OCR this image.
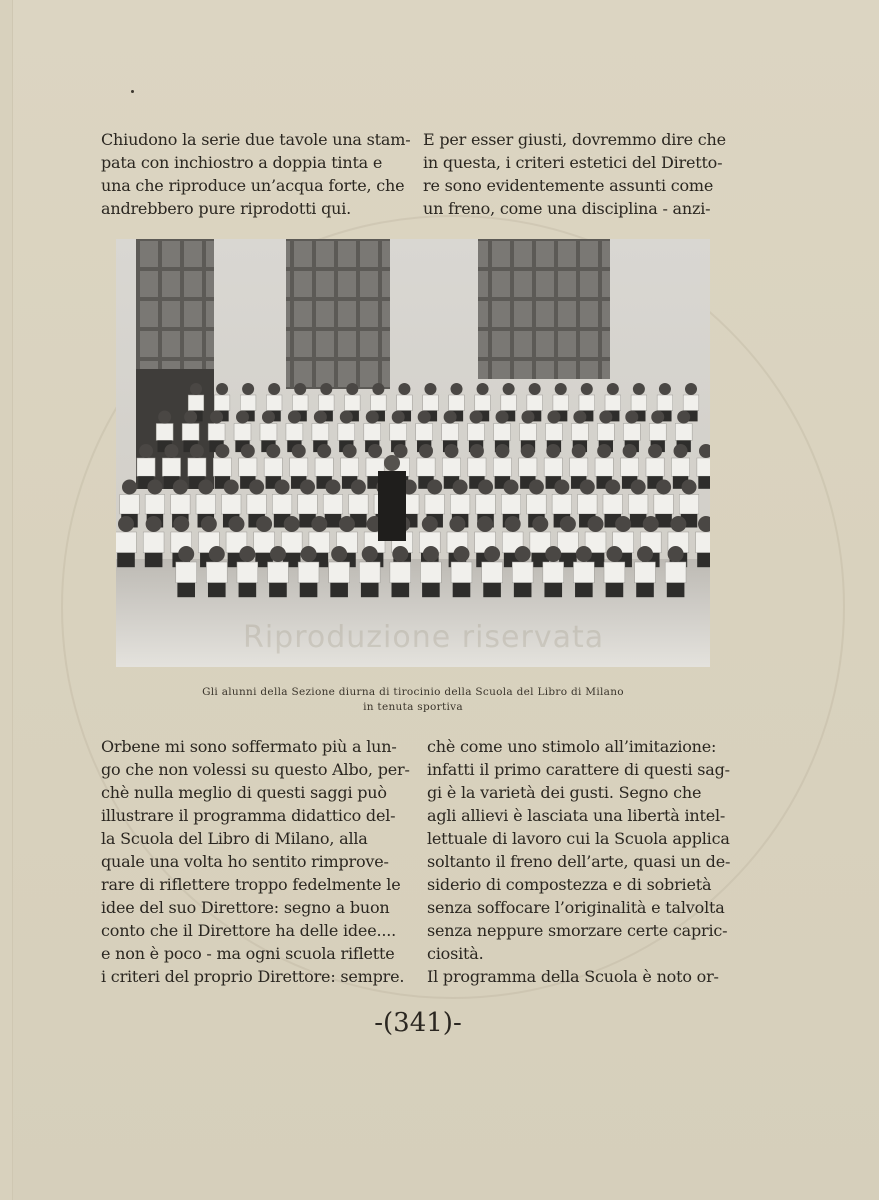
Chiudono la serie due tavole una stam-
pata con inchiostro a doppia tinta e
una che riproduce un’acqua forte, che
andrebbero pure riprodotti qui.
E per esser giusti, dovremmo dire che
in questa, i criteri estetici del Diretto-
re sono evidentemente assunti come
un freno, come una disciplina - anzi-
Gli alunni della Sezione diurna di tirocinio della Scuola del Libro di Milano
in tenuta sportiva
Riproduzione riservata
Orbene mi sono soffermato più a lun-
go che non volessi su questo Albo, per-
chè nulla meglio di questi saggi può
illustrare il programma didattico del-
la Scuola del Libro di Milano, alla
quale una volta ho sentito rimprove-
rare di riflettere troppo fedelmente le
idee del suo Direttore: segno a buon
conto che il Direttore ha delle idee....
e non è poco - ma ogni scuola riflette
i criteri del proprio Direttore: sempre.
chè come uno stimolo all’imitazione:
infatti il primo carattere di questi sag-
gi è la varietà dei gusti. Segno che
agli allievi è lasciata una libertà intel-
lettuale di lavoro cui la Scuola applica
soltanto il freno dell’arte, quasi un de-
siderio di compostezza e di sobrietà
senza soffocare l’originalità e talvolta
senza neppure smorzare certe capric-
ciosità.
Il programma della Scuola è noto or-
-(341)-
